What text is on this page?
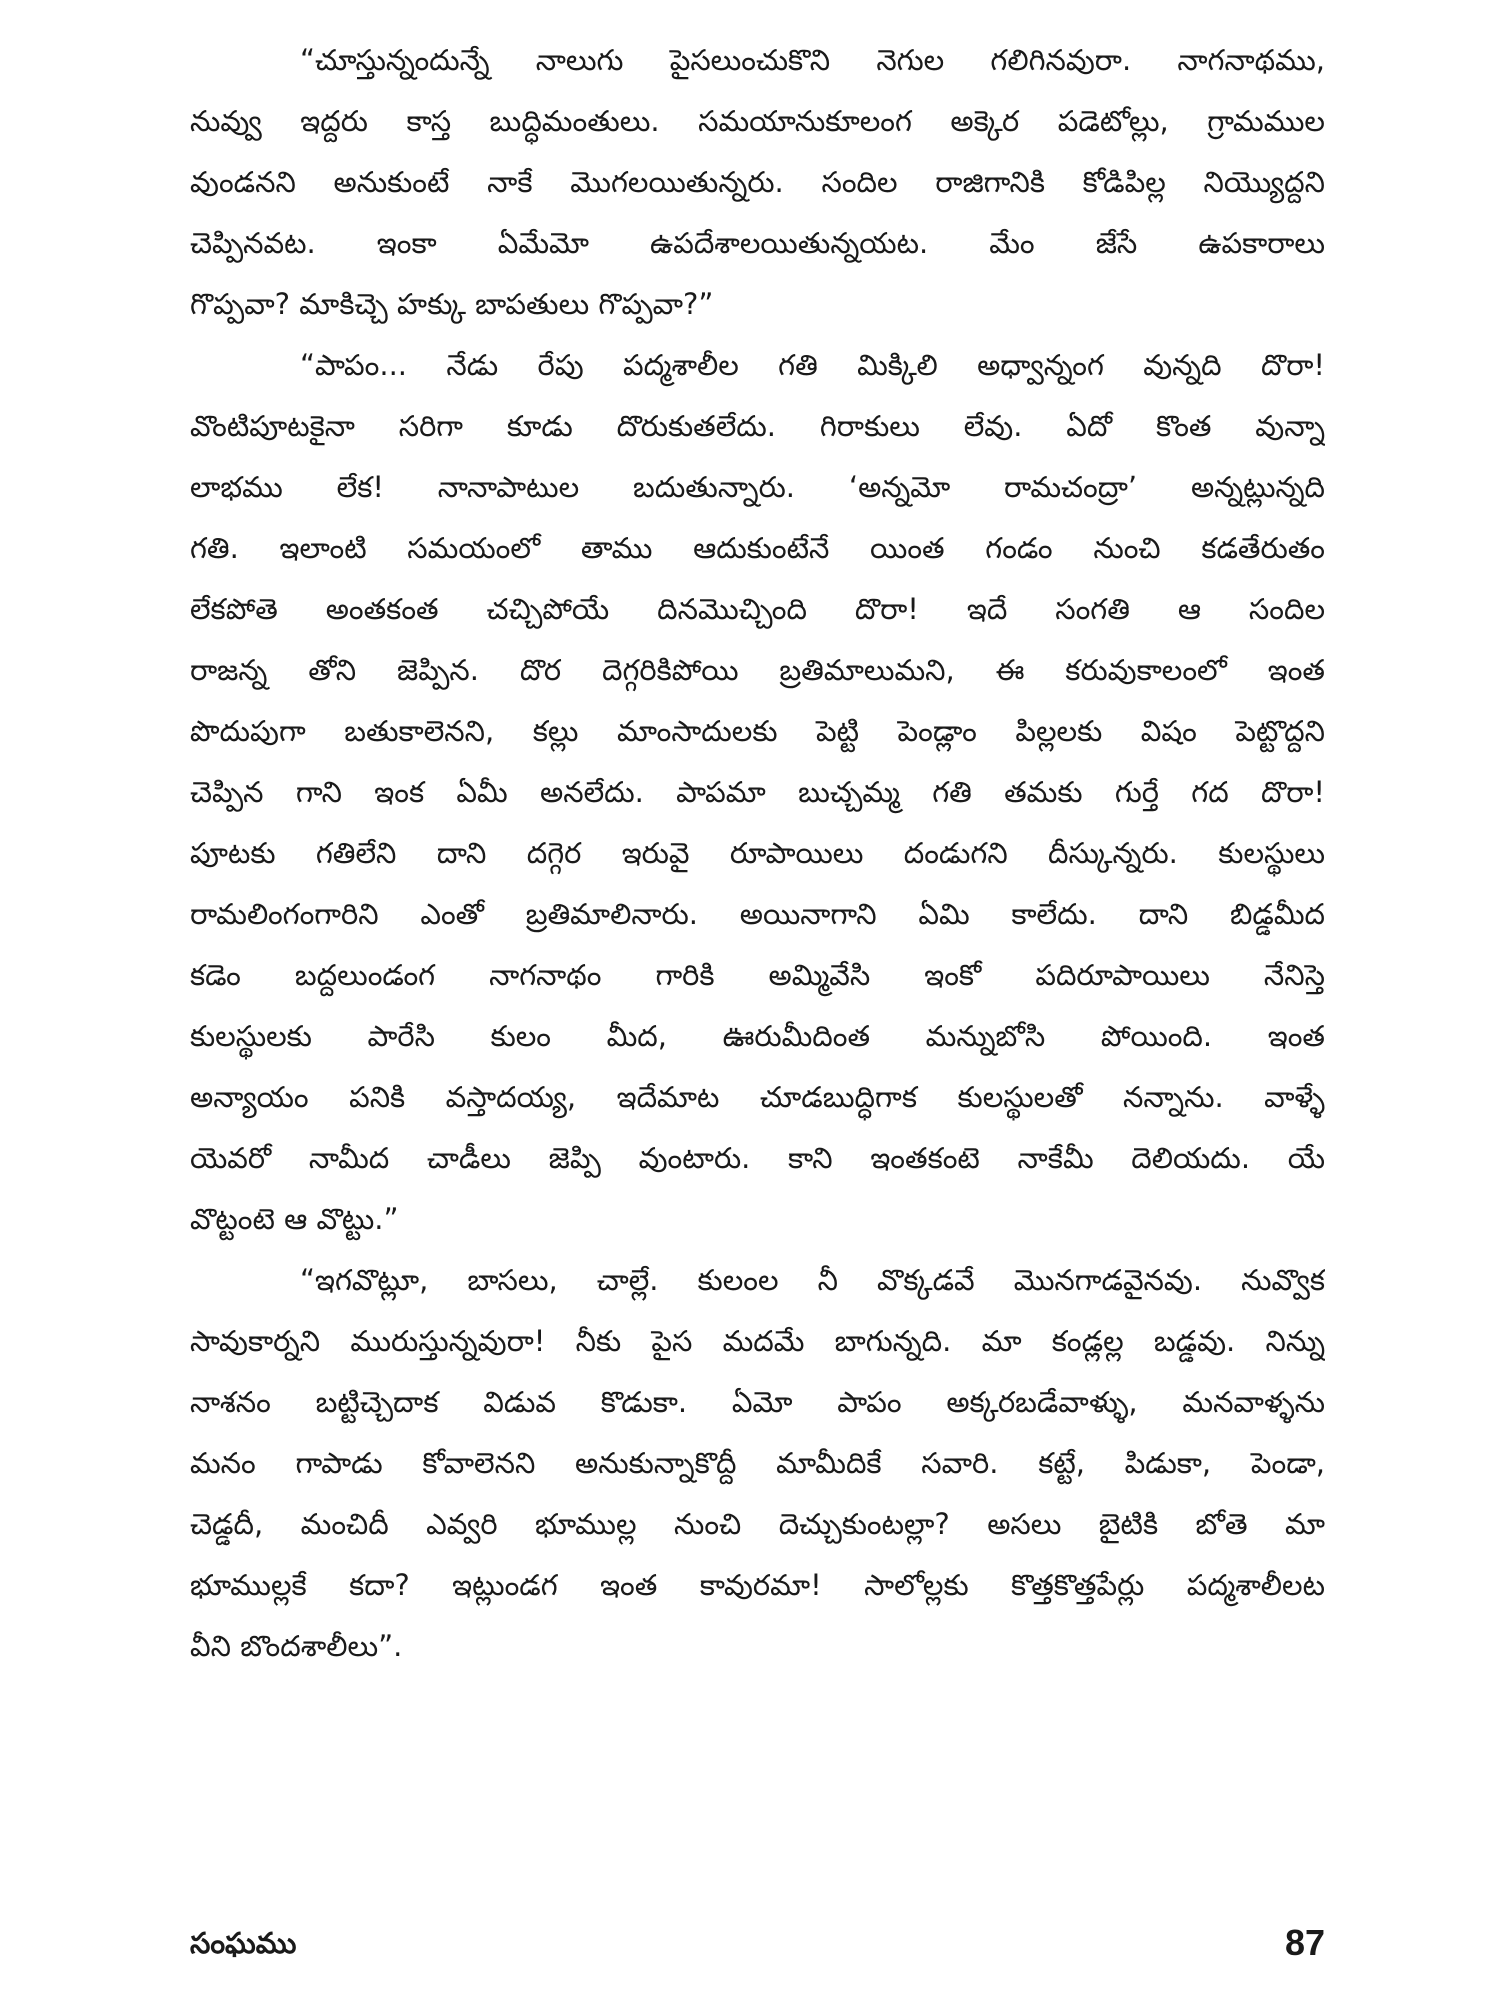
“చూస్తున్నందున్నే నాలుగు పైసలుంచుకొని నెగుల గలిగినవురా. నాగనాథము,
నువ్వు ఇద్దరు కాస్త బుద్ధిమంతులు. సమయానుకూలంగ అక్కెర పడెటోల్లు, గ్రామముల
వుండనని అనుకుంటే నాకే మొగలయితున్నరు. సందిల రాజిగానికి కోడిపిల్ల నియ్యొద్దని
చెప్పినవట. ఇంకా ఏమేమో ఉపదేశాలయితున్నయట. మేం జేసే ఉపకారాలు
గొప్పవా? మాకిచ్చె హక్కు బాపతులు గొప్పవా?”
“పాపం... నేడు రేపు పద్మశాలీల గతి మిక్కిలి అధ్వాన్నంగ వున్నది దొరా!
వొంటిపూటకైనా సరిగా కూడు దొరుకుతలేదు. గిరాకులు లేవు. ఏదో కొంత వున్నా
లాభము లేక! నానాపాటుల బదుతున్నారు. ‘అన్నమో రామచంద్రా’ అన్నట్లున్నది
గతి. ఇలాంటి సమయంలో తాము ఆదుకుంటేనే యింత గండం నుంచి కడతేరుతం
లేకపోతె అంతకంత చచ్చిపోయే దినమొచ్చింది దొరా! ఇదే సంగతి ఆ సందిల
రాజన్న తోని జెప్పిన. దొర దెగ్గరికిపోయి బ్రతిమాలుమని, ఈ కరువుకాలంలో ఇంత
పొదుపుగా బతుకాలెనని, కల్లు మాంసాదులకు పెట్టి పెండ్లాం పిల్లలకు విషం పెట్టొద్దని
చెప్పిన గాని ఇంక ఏమీ అనలేదు. పాపమా బుచ్చమ్మ గతి తమకు గుర్తే గద దొరా!
పూటకు గతిలేని దాని దగ్గెర ఇరువై రూపాయిలు దండుగని దీస్కున్నరు. కులస్థులు
రామలింగంగారిని ఎంతో బ్రతిమాలినారు. అయినాగాని ఏమి కాలేదు. దాని బిడ్డమీద
కడెం బద్దలుండంగ నాగనాథం గారికి అమ్మివేసి ఇంకో పదిరూపాయిలు నేనిస్తె
కులస్థులకు పారేసి కులం మీద, ఊరుమీదింత మన్నుబోసి పోయింది. ఇంత
అన్యాయం పనికి వస్తాదయ్య, ఇదేమాట చూడబుద్ధిగాక కులస్థులతో నన్నాను. వాళ్ళే
యెవరో నామీద చాడీలు జెప్పి వుంటారు. కాని ఇంతకంటె నాకేమీ దెలియదు. యే
వొట్టంటె ఆ వొట్టు.”
“ఇగవొట్లూ, బాసలు, చాల్లే. కులంల నీ వొక్కడవే మొనగాడవైనవు. నువ్వొక
సావుకార్నని మురుస్తున్నవురా! నీకు పైస మదమే బాగున్నది. మా కండ్లల్ల బడ్డవు. నిన్ను
నాశనం బట్టిచ్చెదాక విడువ కొడుకా. ఏమో పాపం అక్కరబడేవాళ్ళు, మనవాళ్ళను
మనం గాపాడు కోవాలెనని అనుకున్నాకొద్దీ మామీదికే సవారి. కట్టే, పిడుకా, పెండా,
చెడ్డదీ, మంచిదీ ఎవ్వరి భూముల్ల నుంచి దెచ్చుకుంటల్లా? అసలు బైటికి బోతె మా
భూముల్లకే కదా? ఇట్లుండగ ఇంత కావురమా! సాలోల్లకు కొత్తకొత్తపేర్లు పద్మశాలీలట
వీని బొందశాలీలు”.
సంఘము	87
